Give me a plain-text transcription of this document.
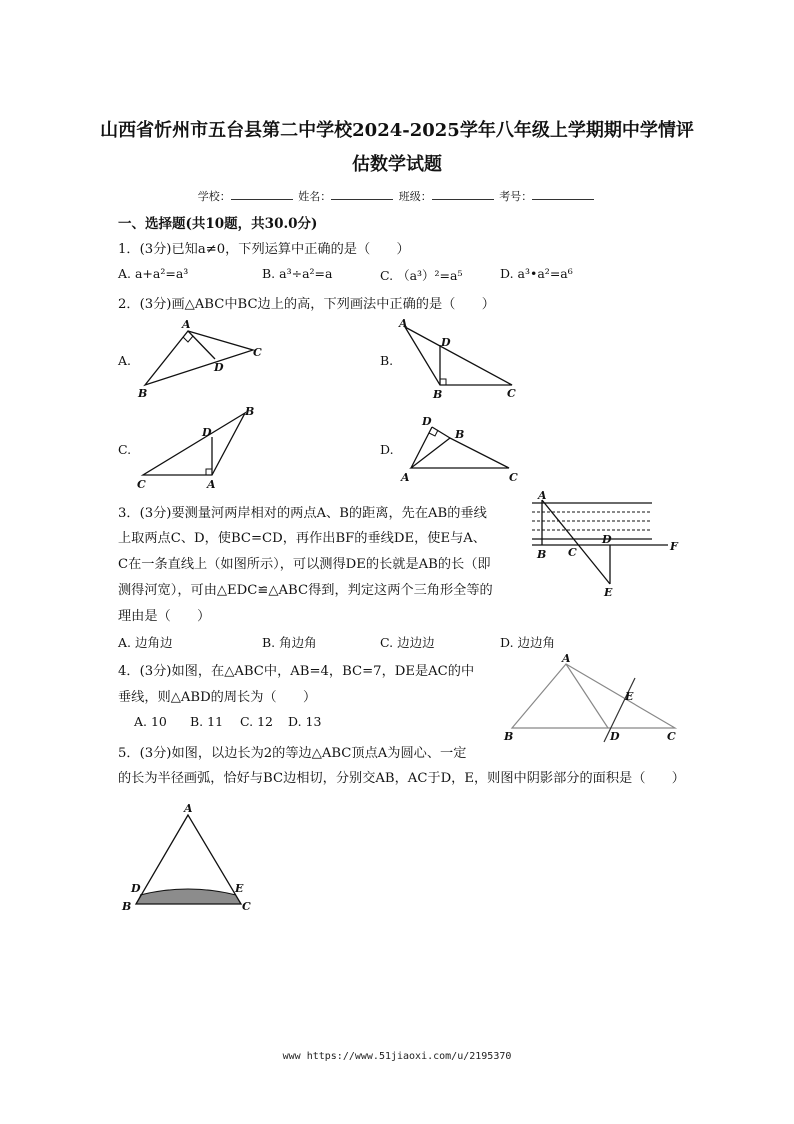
山西省忻州市五台县第二中学校2024-2025学年八年级上学期期中学情评
估数学试题
学校：	姓名：	班级：	考号：
一、选择题(共10题，共30.0分)
1．(3分)已知a≠0，下列运算中正确的是（　　）
A. a+a²=a³	B. a³÷a²=a	C. （a³）²=a⁵	D. a³•a²=a⁶
2．(3分)画△ABC中BC边上的高，下列画法中正确的是（　　）
A.	B.
C.	D.
A
B
C
D
A
B	C
D
C	A
B
D
D
B
A	C
3．(3分)要测量河两岸相对的两点A、B的距离，先在AB的垂线
上取两点C、D，使BC=CD，再作出BF的垂线DE，使E与A、
C在一条直线上（如图所示），可以测得DE的长就是AB的长（即
测得河宽），可由△EDC≌△ABC得到，判定这两个三角形全等的
理由是（　　）
A. 边角边	B. 角边角	C. 边边边	D. 边边角
A
B C
D
E
F
4．(3分)如图，在△ABC中，AB=4，BC=7，DE是AC的中
垂线，则△ABD的周长为（　　）
A. 10 B. 11 C. 12 D. 13
A
B	C
D
E
5．(3分)如图，以边长为2的等边△ABC顶点A为圆心、一定
的长为半径画弧，恰好与BC边相切，分别交AB，AC于D，E，则图中阴影部分的面积是（　　）
A
D
B
E
C
www https://www.51jiaoxi.com/u/2195370
